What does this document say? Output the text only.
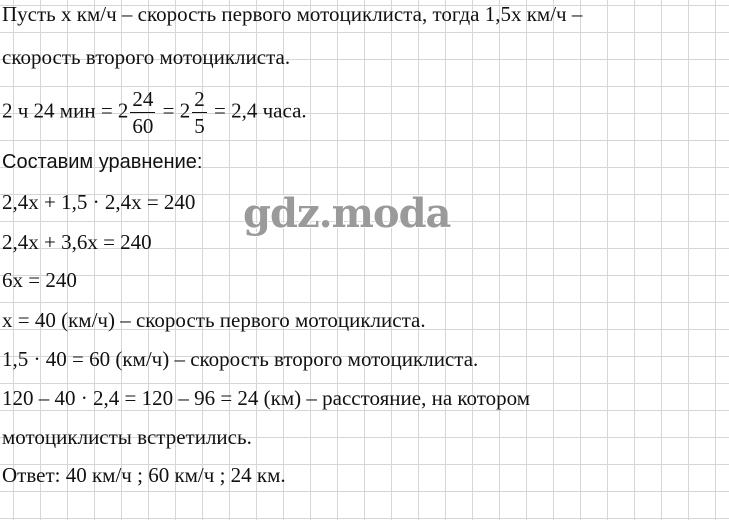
Пусть x км/ч – скорость первого мотоциклиста, тогда 1,5x км/ч –
скорость второго мотоциклиста.
2 ч 24 мин = $2 \frac{24}{60} = 2 \frac{2}{5} = 2,4$ часа.
Составим уравнение:
2,4x + 1,5 · 2,4x = 240
2,4x + 3,6x = 240
6x = 240
x = 40 (км/ч) – скорость первого мотоциклиста.
1,5 · 40 = 60 (км/ч) – скорость второго мотоциклиста.
120 – 40 · 2,4 = 120 – 96 = 24 (км) – расстояние, на котором
мотоциклисты встретились.
Ответ: 40 км/ч ; 60 км/ч ; 24 км.
gdz.moda
